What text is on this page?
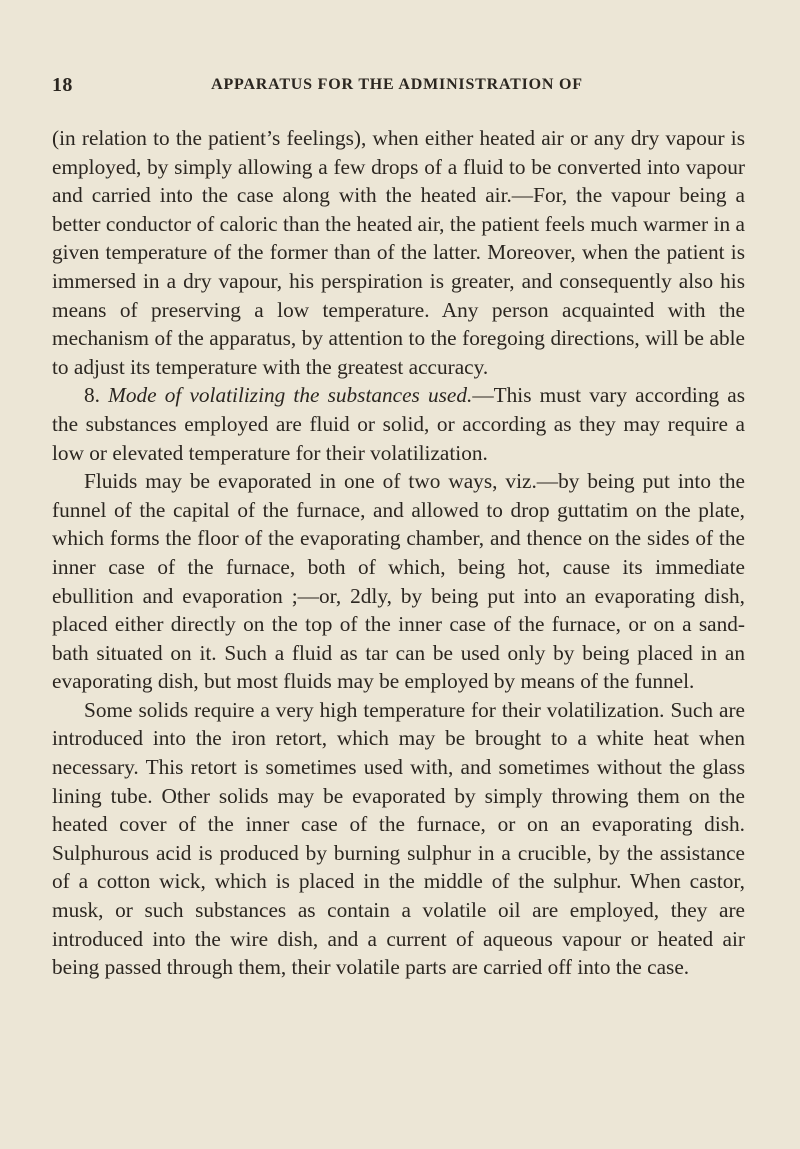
18	APPARATUS FOR THE ADMINISTRATION OF

(in relation to the patient’s feelings), when either heated air or any dry vapour is employed, by simply allowing a few drops of a fluid to be converted into vapour and carried into the case along with the heated air.—For, the vapour being a better conductor of caloric than the heated air, the patient feels much warmer in a given temperature of the former than of the latter. Moreover, when the patient is immersed in a dry vapour, his perspiration is greater, and consequently also his means of preserving a low temperature. Any person acquainted with the mechanism of the apparatus, by attention to the foregoing directions, will be able to adjust its temperature with the greatest accuracy.

8. Mode of volatilizing the substances used.—This must vary according as the substances employed are fluid or solid, or according as they may require a low or elevated temperature for their volatilization.

Fluids may be evaporated in one of two ways, viz.—by being put into the funnel of the capital of the furnace, and allowed to drop guttatim on the plate, which forms the floor of the evaporating chamber, and thence on the sides of the inner case of the furnace, both of which, being hot, cause its immediate ebullition and evaporation ;—or, 2dly, by being put into an evaporating dish, placed either directly on the top of the inner case of the furnace, or on a sand-bath situated on it. Such a fluid as tar can be used only by being placed in an evaporating dish, but most fluids may be employed by means of the funnel.

Some solids require a very high temperature for their volatilization. Such are introduced into the iron retort, which may be brought to a white heat when necessary. This retort is sometimes used with, and sometimes without the glass lining tube. Other solids may be evaporated by simply throwing them on the heated cover of the inner case of the furnace, or on an evaporating dish. Sulphurous acid is produced by burning sulphur in a crucible, by the assistance of a cotton wick, which is placed in the middle of the sulphur. When castor, musk, or such substances as contain a volatile oil are employed, they are introduced into the wire dish, and a current of aqueous vapour or heated air being passed through them, their volatile parts are carried off into the case.
